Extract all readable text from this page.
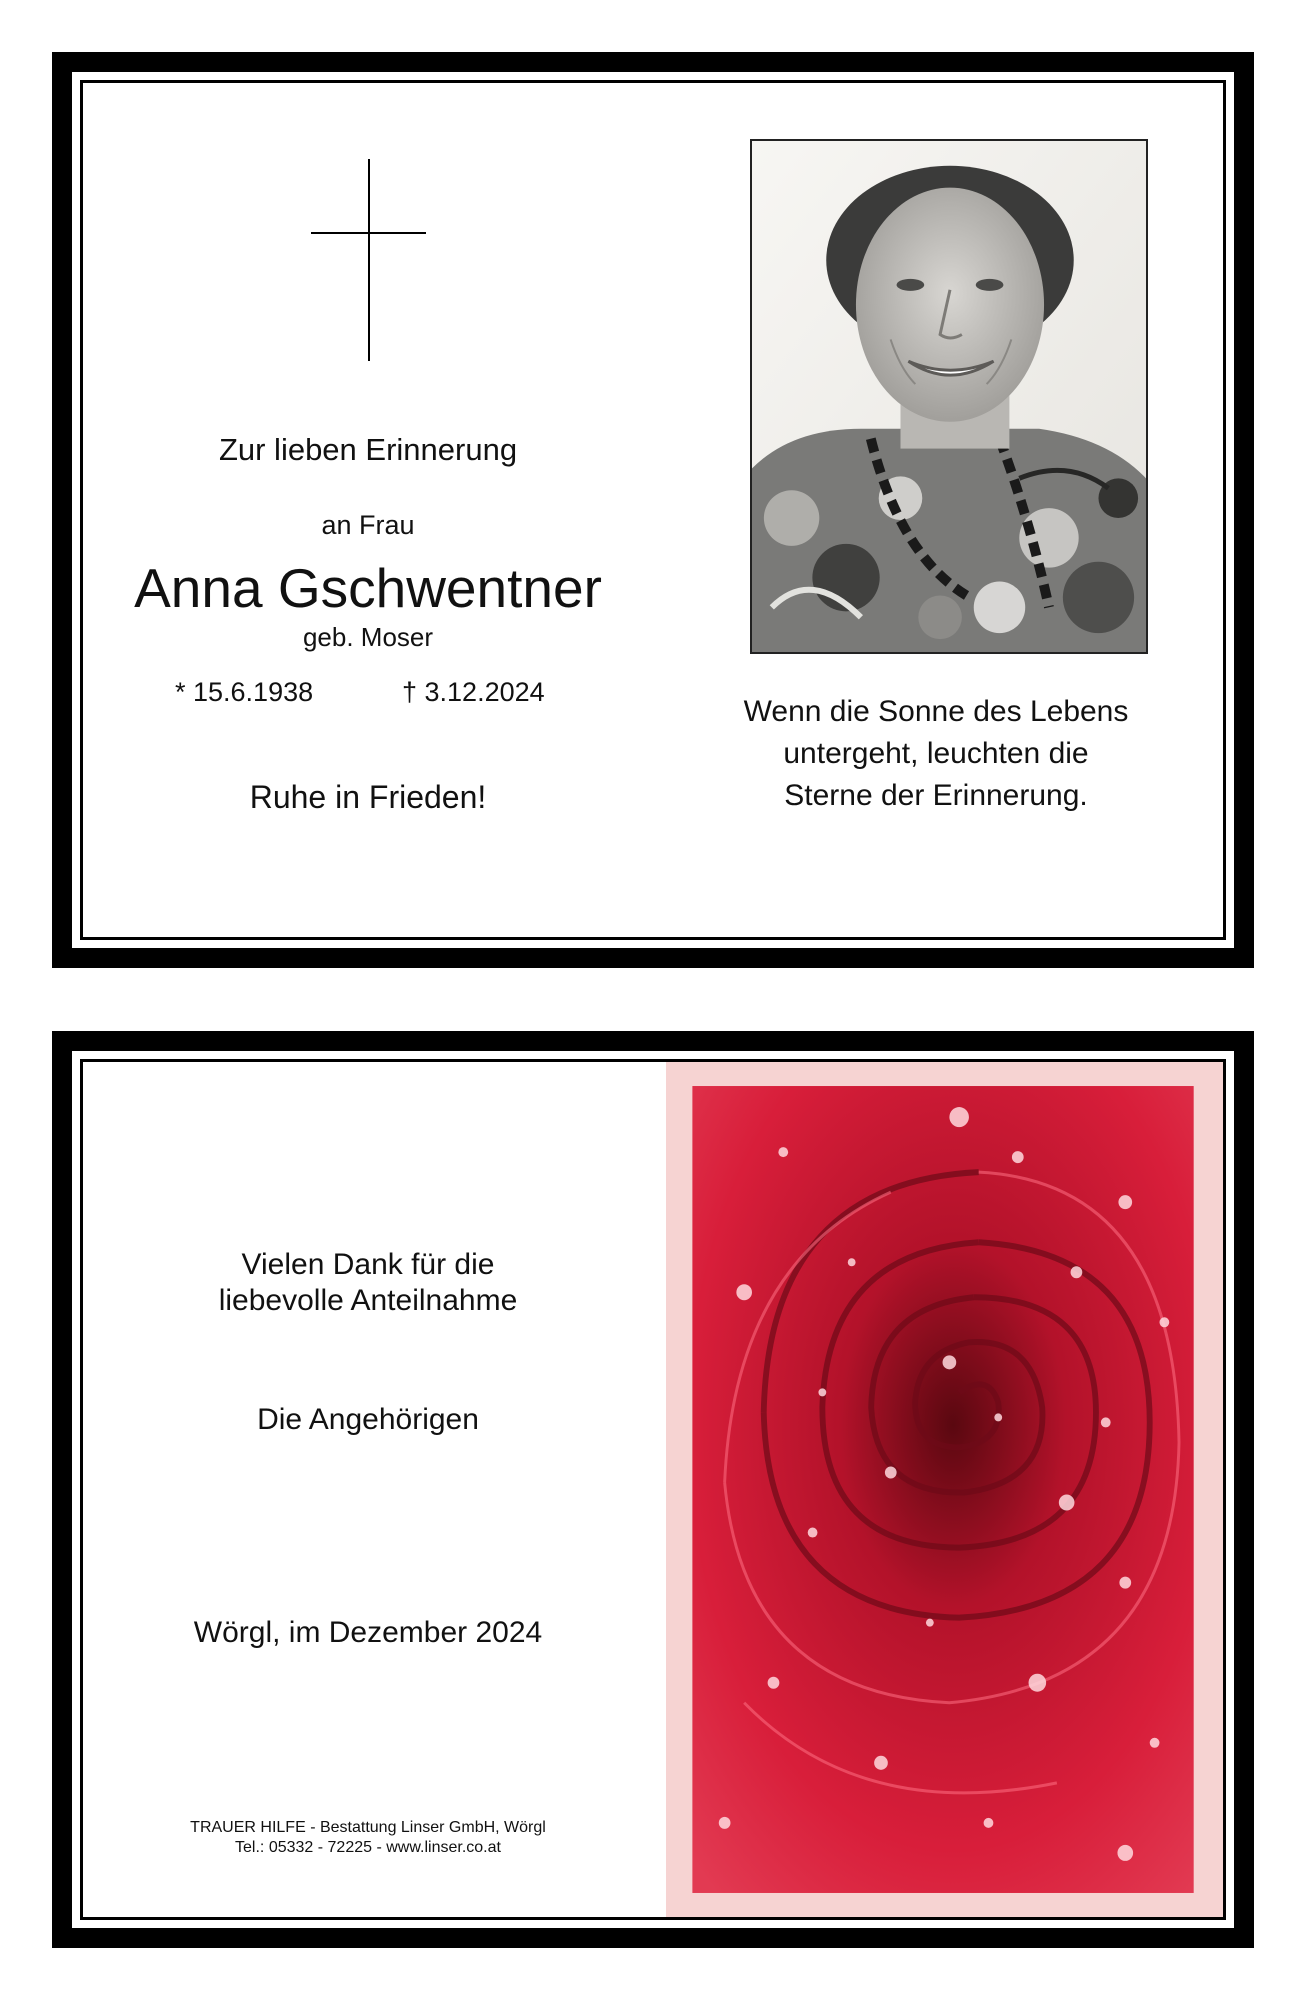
Zur lieben Erinnerung
an Frau
Anna Gschwentner
geb. Moser
* 15.6.1938	† 3.12.2024
Ruhe in Frieden!
Wenn die Sonne des Lebens
untergeht, leuchten die
Sterne der Erinnerung.
Vielen Dank für die
liebevolle Anteilnahme
Die Angehörigen
Wörgl, im Dezember 2024
TRAUER HILFE - Bestattung Linser GmbH, Wörgl
Tel.: 05332 - 72225 - www.linser.co.at
